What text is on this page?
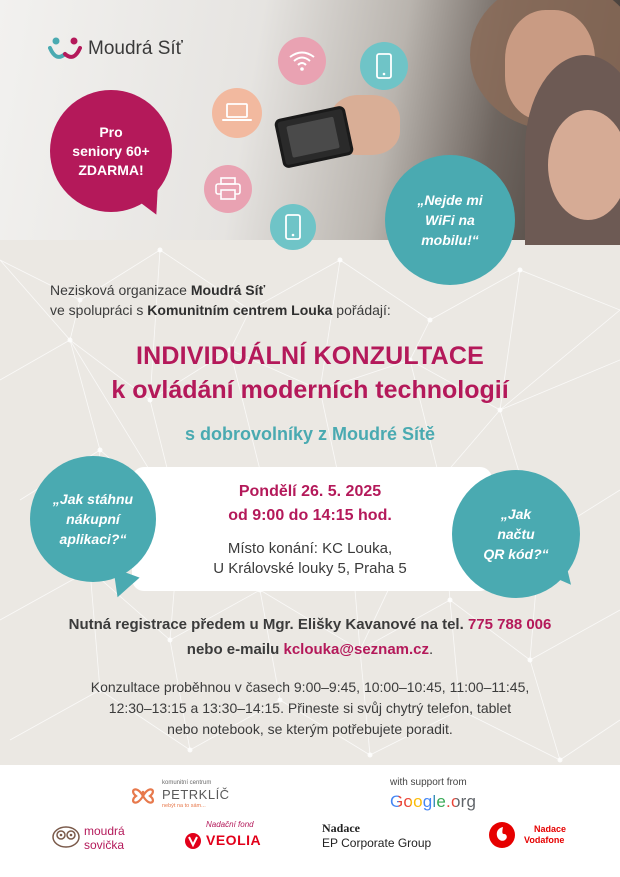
Moudrá Síť
Pro
seniory 60+
ZDARMA!
„Nejde mi
WiFi na
mobilu!“
Nezisková organizace Moudrá Síť
ve spolupráci s Komunitním centrem Louka pořádají:
INDIVIDUÁLNÍ KONZULTACE
k ovládání moderních technologií
s dobrovolníky z Moudré Sítě
Pondělí 26. 5. 2025
od 9:00 do 14:15 hod.
Místo konání: KC Louka,
U Královské louky 5, Praha 5
„Jak stáhnu
nákupní
aplikaci?“
„Jak
načtu
QR kód?“
Nutná registrace předem u Mgr. Elišky Kavanové na tel. 775 788 006
nebo e-mailu kclouka@seznam.cz.
Konzultace proběhnou v časech 9:00–9:45, 10:00–10:45, 11:00–11:45,
12:30–13:15 a 13:30–14:15. Přineste si svůj chytrý telefon, tablet
nebo notebook, se kterým potřebujete poradit.
komunitní centrum
PETRKLÍČ
nebýt na to sám...
with support from
Google.org
moudrá
sovička
Nadační fond
VEOLIA
Nadace
EP Corporate Group
Nadace
Vodafone
